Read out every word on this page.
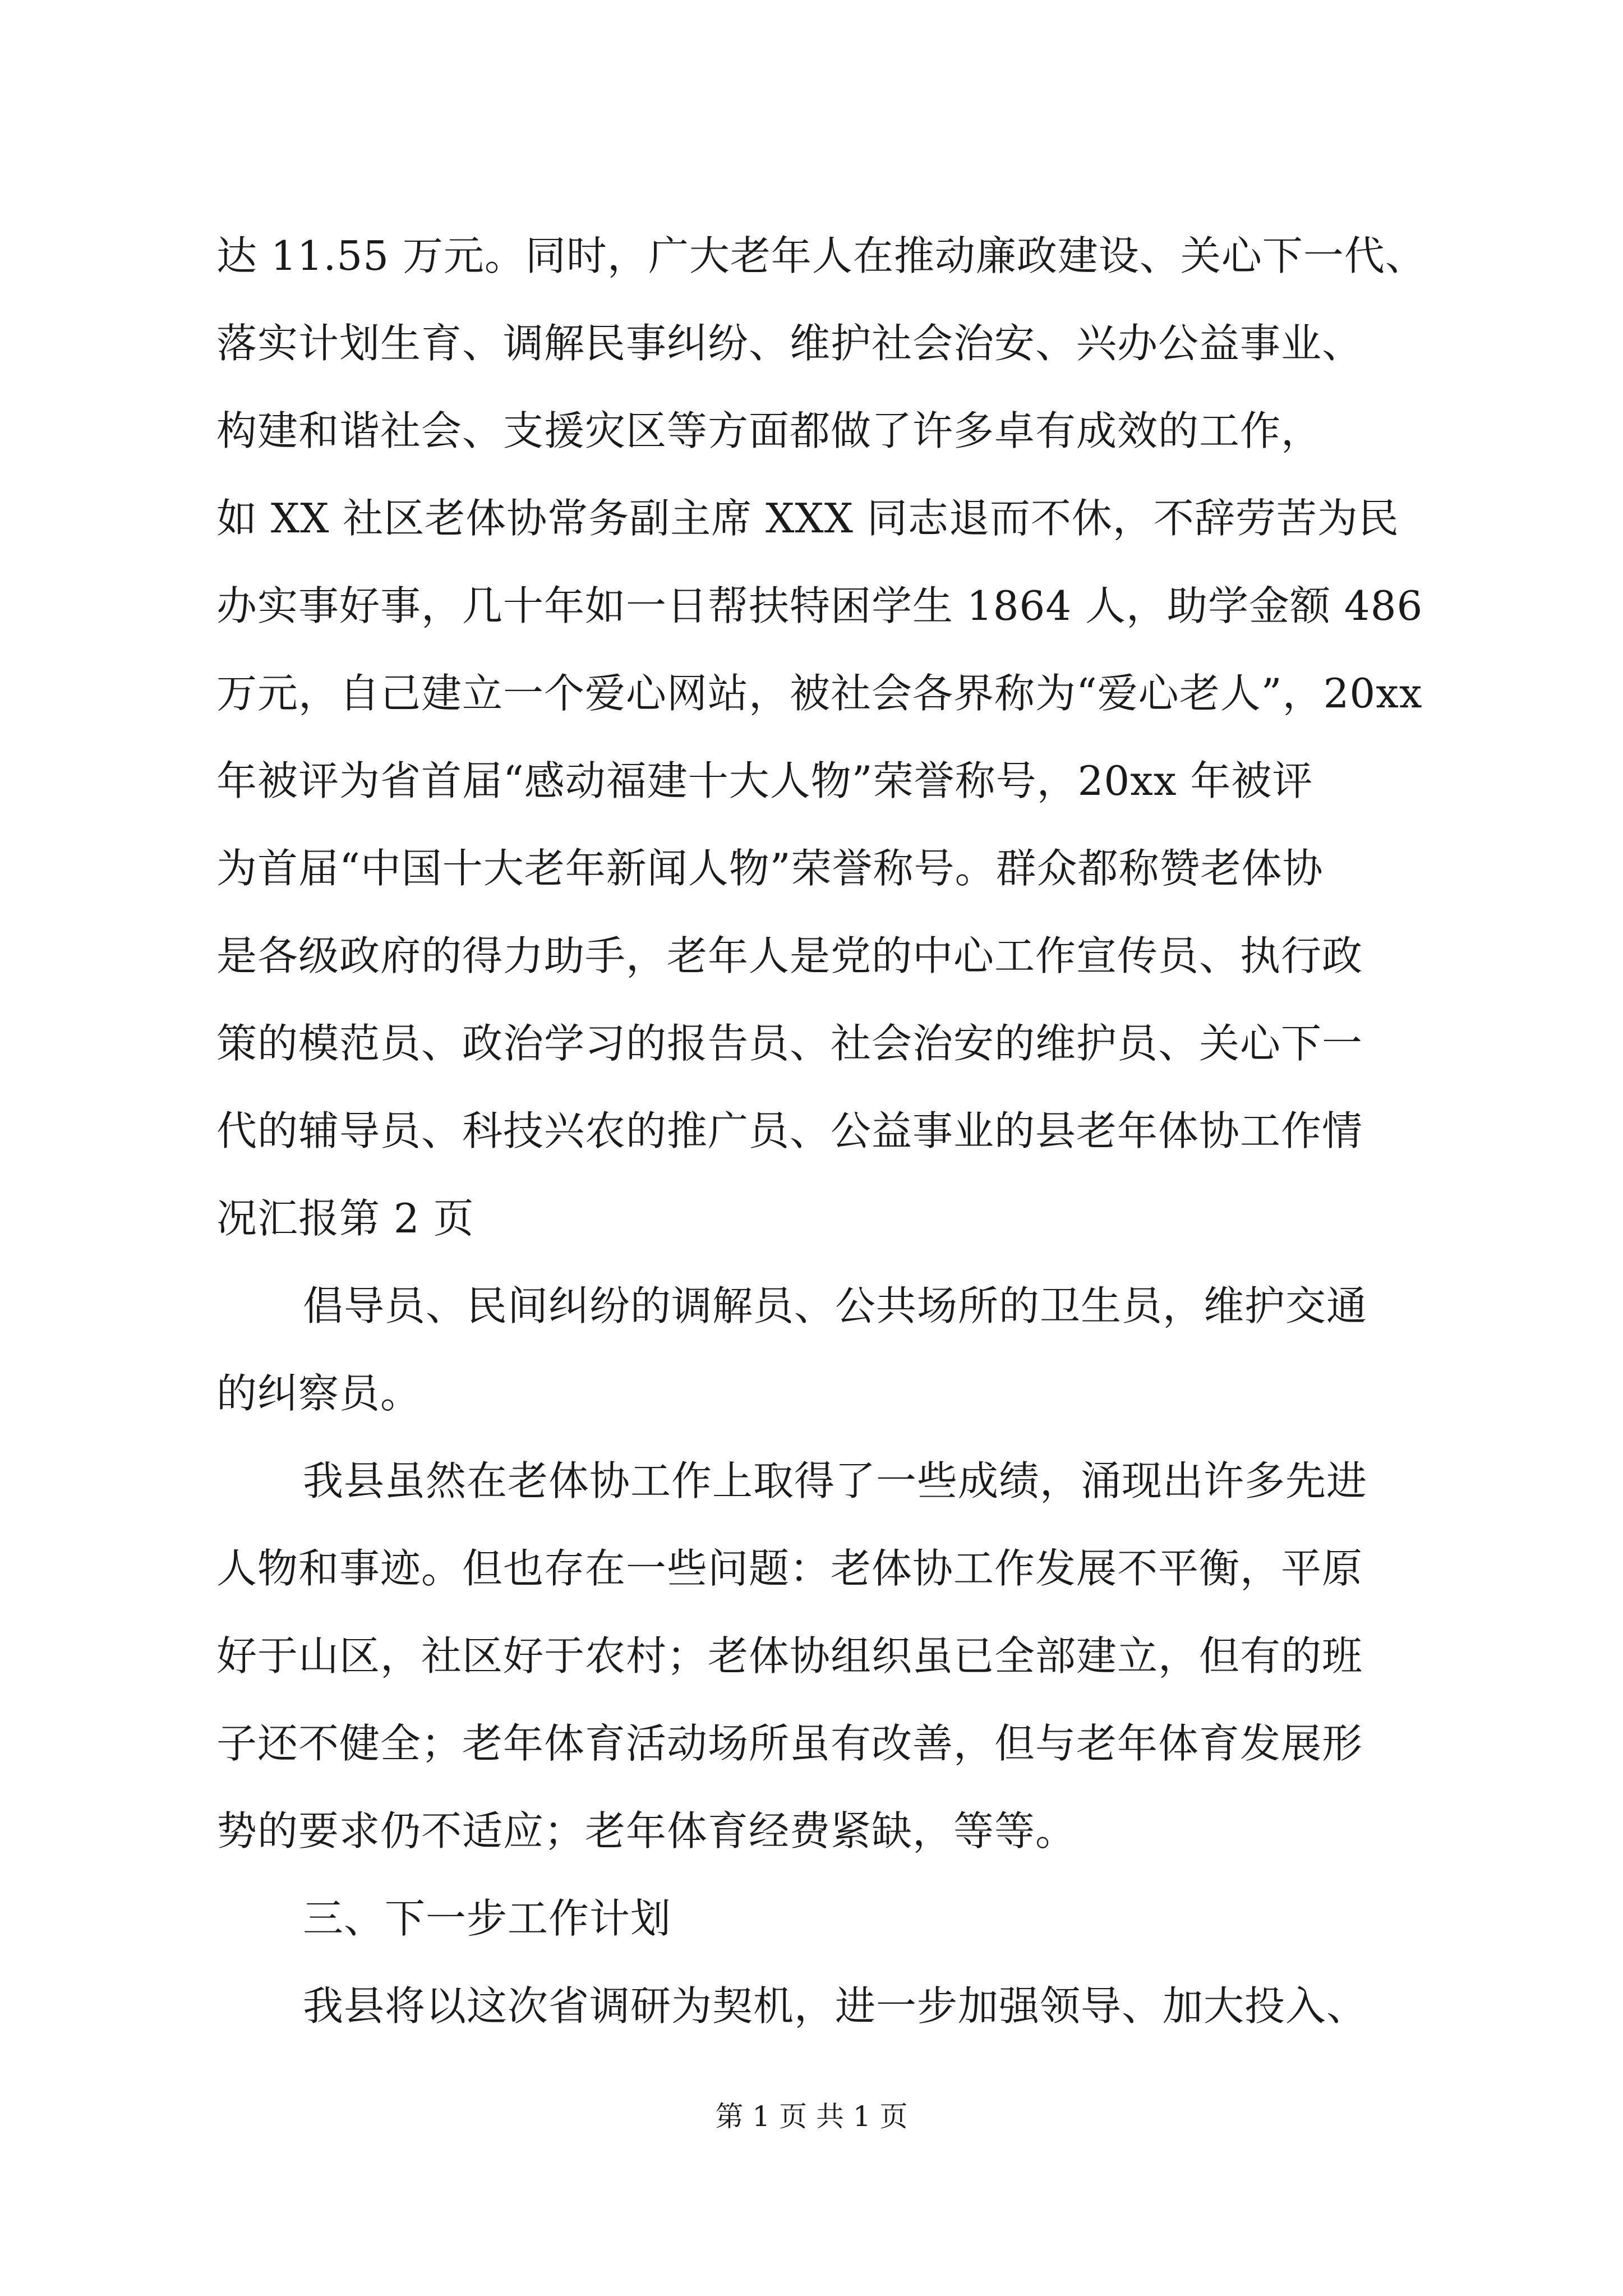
达 11.55 万元。同时，广大老年人在推动廉政建设、关心下一代、
落实计划生育、调解民事纠纷、维护社会治安、兴办公益事业、
构建和谐社会、支援灾区等方面都做了许多卓有成效的工作，
如 XX 社区老体协常务副主席 XXX 同志退而不休，不辞劳苦为民
办实事好事，几十年如一日帮扶特困学生 1864 人，助学金额 486
万元，自己建立一个爱心网站，被社会各界称为“爱心老人”，20xx
年被评为省首届“感动福建十大人物”荣誉称号，20xx 年被评
为首届“中国十大老年新闻人物”荣誉称号。群众都称赞老体协
是各级政府的得力助手，老年人是党的中心工作宣传员、执行政
策的模范员、政治学习的报告员、社会治安的维护员、关心下一
代的辅导员、科技兴农的推广员、公益事业的县老年体协工作情
况汇报第 2 页
倡导员、民间纠纷的调解员、公共场所的卫生员，维护交通
的纠察员。
我县虽然在老体协工作上取得了一些成绩，涌现出许多先进
人物和事迹。但也存在一些问题：老体协工作发展不平衡，平原
好于山区，社区好于农村；老体协组织虽已全部建立，但有的班
子还不健全；老年体育活动场所虽有改善，但与老年体育发展形
势的要求仍不适应；老年体育经费紧缺，等等。
三、下一步工作计划
我县将以这次省调研为契机，进一步加强领导、加大投入、
第 1 页 共 1 页
